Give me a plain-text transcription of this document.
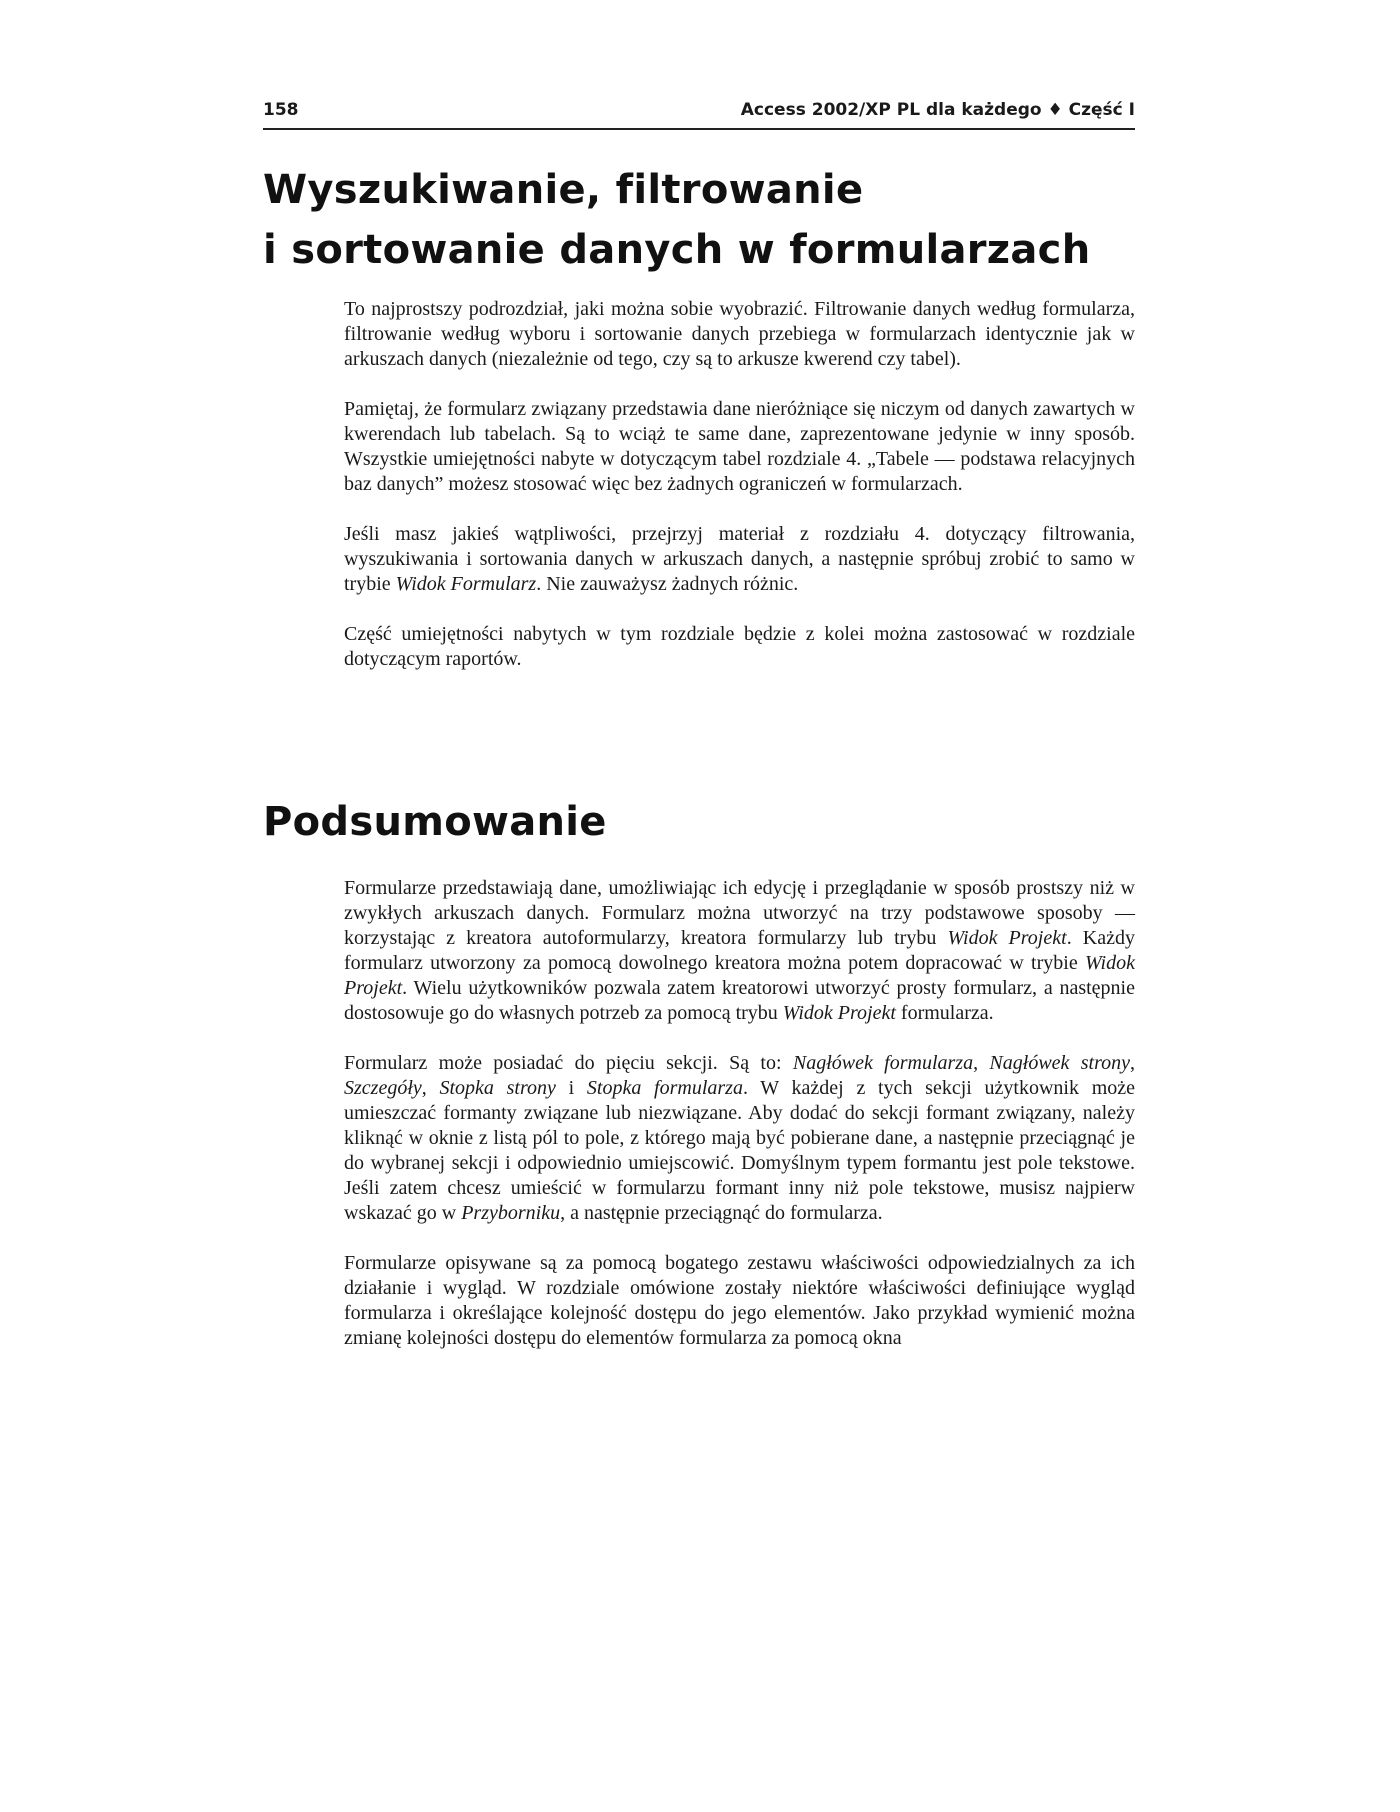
158	Access 2002/XP PL dla każdego ♦ Część I
Wyszukiwanie, filtrowanie
i sortowanie danych w formularzach

To najprostszy podrozdział, jaki można sobie wyobrazić. Filtrowanie danych według formularza, filtrowanie według wyboru i sortowanie danych przebiega w formularzach identycznie jak w arkuszach danych (niezależnie od tego, czy są to arkusze kwerend czy tabel).

Pamiętaj, że formularz związany przedstawia dane nieróżniące się niczym od danych zawartych w kwerendach lub tabelach. Są to wciąż te same dane, zaprezentowane jedynie w inny sposób. Wszystkie umiejętności nabyte w dotyczącym tabel rozdziale 4. „Tabele — podstawa relacyjnych baz danych” możesz stosować więc bez żadnych ograniczeń w formularzach.

Jeśli masz jakieś wątpliwości, przejrzyj materiał z rozdziału 4. dotyczący filtrowania, wyszukiwania i sortowania danych w arkuszach danych, a następnie spróbuj zrobić to samo w trybie Widok Formularz. Nie zauważysz żadnych różnic.

Część umiejętności nabytych w tym rozdziale będzie z kolei można zastosować w rozdziale dotyczącym raportów.

Podsumowanie

Formularze przedstawiają dane, umożliwiając ich edycję i przeglądanie w sposób prostszy niż w zwykłych arkuszach danych. Formularz można utworzyć na trzy podstawowe sposoby — korzystając z kreatora autoformularzy, kreatora formularzy lub trybu Widok Projekt. Każdy formularz utworzony za pomocą dowolnego kreatora można potem dopracować w trybie Widok Projekt. Wielu użytkowników pozwala zatem kreatorowi utworzyć prosty formularz, a następnie dostosowuje go do własnych potrzeb za pomocą trybu Widok Projekt formularza.

Formularz może posiadać do pięciu sekcji. Są to: Nagłówek formularza, Nagłówek strony, Szczegóły, Stopka strony i Stopka formularza. W każdej z tych sekcji użytkownik może umieszczać formanty związane lub niezwiązane. Aby dodać do sekcji formant związany, należy kliknąć w oknie z listą pól to pole, z którego mają być pobierane dane, a następnie przeciągnąć je do wybranej sekcji i odpowiednio umiejscowić. Domyślnym typem formantu jest pole tekstowe. Jeśli zatem chcesz umieścić w formularzu formant inny niż pole tekstowe, musisz najpierw wskazać go w Przyborniku, a następnie przeciągnąć do formularza.

Formularze opisywane są za pomocą bogatego zestawu właściwości odpowiedzialnych za ich działanie i wygląd. W rozdziale omówione zostały niektóre właściwości definiujące wygląd formularza i określające kolejność dostępu do jego elementów. Jako przykład wymienić można zmianę kolejności dostępu do elementów formularza za pomocą okna
